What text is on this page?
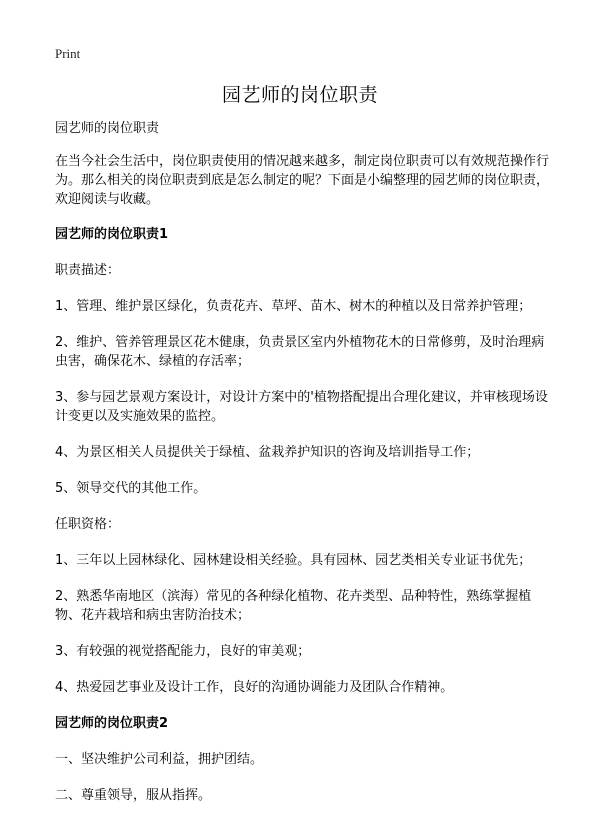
Print
园艺师的岗位职责

园艺师的岗位职责

在当今社会生活中，岗位职责使用的情况越来越多，制定岗位职责可以有效规范操作行为。那么相关的岗位职责到底是怎么制定的呢？下面是小编整理的园艺师的岗位职责，欢迎阅读与收藏。

园艺师的岗位职责1

职责描述：

1、管理、维护景区绿化，负责花卉、草坪、苗木、树木的种植以及日常养护管理；

2、维护、管养管理景区花木健康，负责景区室内外植物花木的日常修剪，及时治理病虫害，确保花木、绿植的存活率；

3、参与园艺景观方案设计，对设计方案中的'植物搭配提出合理化建议，并审核现场设计变更以及实施效果的监控。

4、为景区相关人员提供关于绿植、盆栽养护知识的咨询及培训指导工作；

5、领导交代的其他工作。

任职资格：

1、三年以上园林绿化、园林建设相关经验。具有园林、园艺类相关专业证书优先；

2、熟悉华南地区（滨海）常见的各种绿化植物、花卉类型、品种特性，熟练掌握植物、花卉栽培和病虫害防治技术；

3、有较强的视觉搭配能力，良好的审美观；

4、热爱园艺事业及设计工作，良好的沟通协调能力及团队合作精神。

园艺师的岗位职责2

一、坚决维护公司利益，拥护团结。

二、尊重领导，服从指挥。
